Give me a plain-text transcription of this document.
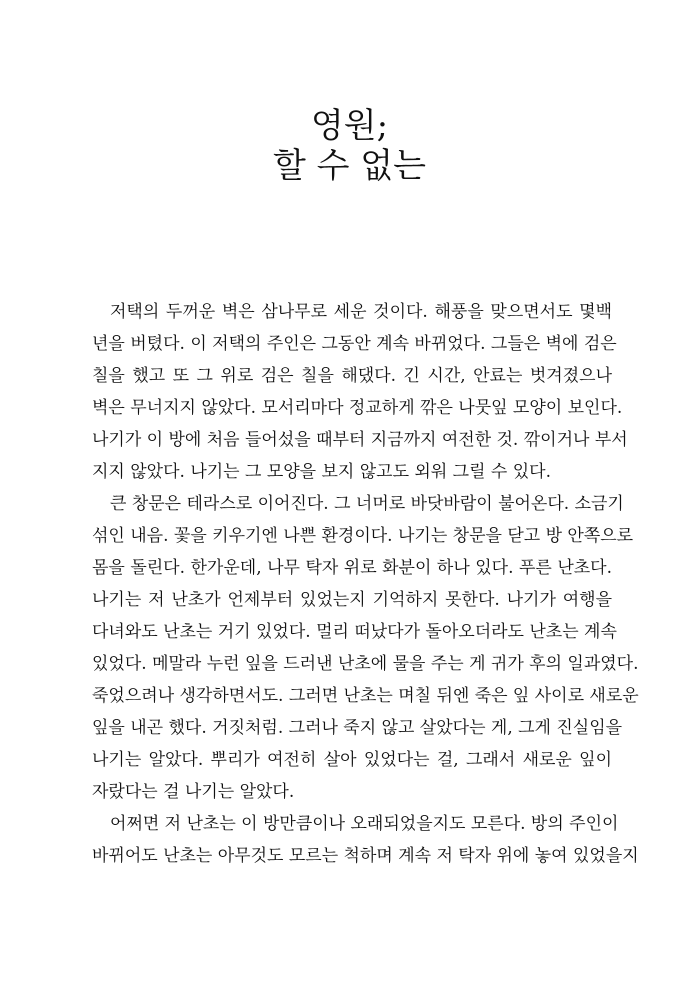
영원;
할 수 없는
저택의 두꺼운 벽은 삼나무로 세운 것이다. 해풍을 맞으면서도 몇백
년을 버텼다. 이 저택의 주인은 그동안 계속 바뀌었다. 그들은 벽에 검은
칠을 했고 또 그 위로 검은 칠을 해댔다. 긴 시간, 안료는 벗겨졌으나
벽은 무너지지 않았다. 모서리마다 정교하게 깎은 나뭇잎 모양이 보인다.
나기가 이 방에 처음 들어섰을 때부터 지금까지 여전한 것. 깎이거나 부서
지지 않았다. 나기는 그 모양을 보지 않고도 외워 그릴 수 있다.
큰 창문은 테라스로 이어진다. 그 너머로 바닷바람이 불어온다. 소금기
섞인 내음. 꽃을 키우기엔 나쁜 환경이다. 나기는 창문을 닫고 방 안쪽으로
몸을 돌린다. 한가운데, 나무 탁자 위로 화분이 하나 있다. 푸른 난초다.
나기는 저 난초가 언제부터 있었는지 기억하지 못한다. 나기가 여행을
다녀와도 난초는 거기 있었다. 멀리 떠났다가 돌아오더라도 난초는 계속
있었다. 메말라 누런 잎을 드러낸 난초에 물을 주는 게 귀가 후의 일과였다.
죽었으려나 생각하면서도. 그러면 난초는 며칠 뒤엔 죽은 잎 사이로 새로운
잎을 내곤 했다. 거짓처럼. 그러나 죽지 않고 살았다는 게, 그게 진실임을
나기는 알았다. 뿌리가 여전히 살아 있었다는 걸, 그래서 새로운 잎이
자랐다는 걸 나기는 알았다.
어쩌면 저 난초는 이 방만큼이나 오래되었을지도 모른다. 방의 주인이
바뀌어도 난초는 아무것도 모르는 척하며 계속 저 탁자 위에 놓여 있었을지
